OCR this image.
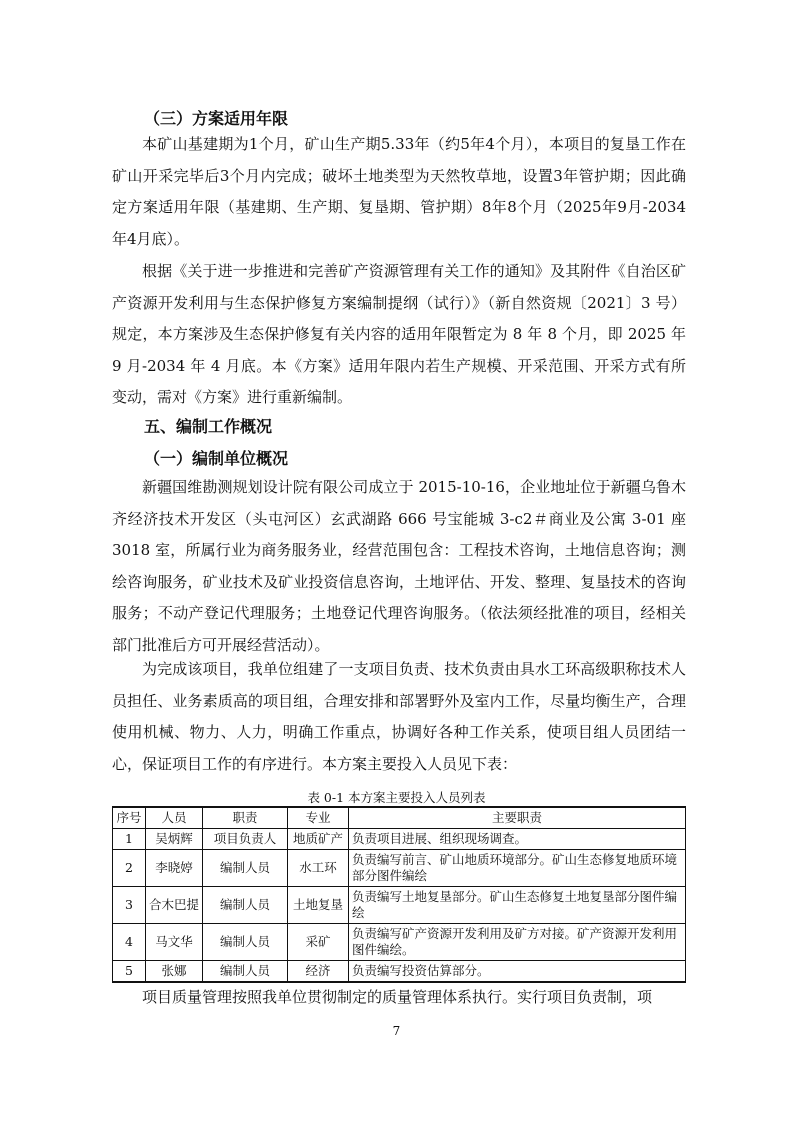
（三）方案适用年限

本矿山基建期为1个月，矿山生产期5.33年（约5年4个月），本项目的复垦工作在矿山开采完毕后3个月内完成；破坏土地类型为天然牧草地，设置3年管护期；因此确定方案适用年限（基建期、生产期、复垦期、管护期）8年8个月（2025年9月-2034年4月底）。

根据《关于进一步推进和完善矿产资源管理有关工作的通知》及其附件《自治区矿产资源开发利用与生态保护修复方案编制提纲（试行）》（新自然资规〔2021〕3 号）规定，本方案涉及生态保护修复有关内容的适用年限暂定为 8 年 8 个月，即 2025 年 9 月-2034 年 4 月底。本《方案》适用年限内若生产规模、开采范围、开采方式有所变动，需对《方案》进行重新编制。

五、编制工作概况
（一）编制单位概况

新疆国维勘测规划设计院有限公司成立于 2015-10-16，企业地址位于新疆乌鲁木齐经济技术开发区（头屯河区）玄武湖路 666 号宝能城 3-c2＃商业及公寓 3-01 座 3018 室，所属行业为商务服务业，经营范围包含：工程技术咨询，土地信息咨询；测绘咨询服务，矿业技术及矿业投资信息咨询，土地评估、开发、整理、复垦技术的咨询服务；不动产登记代理服务；土地登记代理咨询服务。（依法须经批准的项目，经相关部门批准后方可开展经营活动）。

为完成该项目，我单位组建了一支项目负责、技术负责由具水工环高级职称技术人员担任、业务素质高的项目组，合理安排和部署野外及室内工作，尽量均衡生产，合理使用机械、物力、人力，明确工作重点，协调好各种工作关系，使项目组人员团结一心，保证项目工作的有序进行。本方案主要投入人员见下表：

表 0-1 本方案主要投入人员列表
序号	人员	职责	专业	主要职责
1	吴炳辉	项目负责人	地质矿产	负责项目进展、组织现场调查。
2	李晓婷	编制人员	水工环	负责编写前言、矿山地质环境部分。矿山生态修复地质环境部分图件编绘
3	合木巴提	编制人员	土地复垦	负责编写土地复垦部分。矿山生态修复土地复垦部分图件编绘
4	马文华	编制人员	采矿	负责编写矿产资源开发利用及矿方对接。矿产资源开发利用图件编绘。
5	张娜	编制人员	经济	负责编写投资估算部分。

项目质量管理按照我单位贯彻制定的质量管理体系执行。实行项目负责制，项

7
